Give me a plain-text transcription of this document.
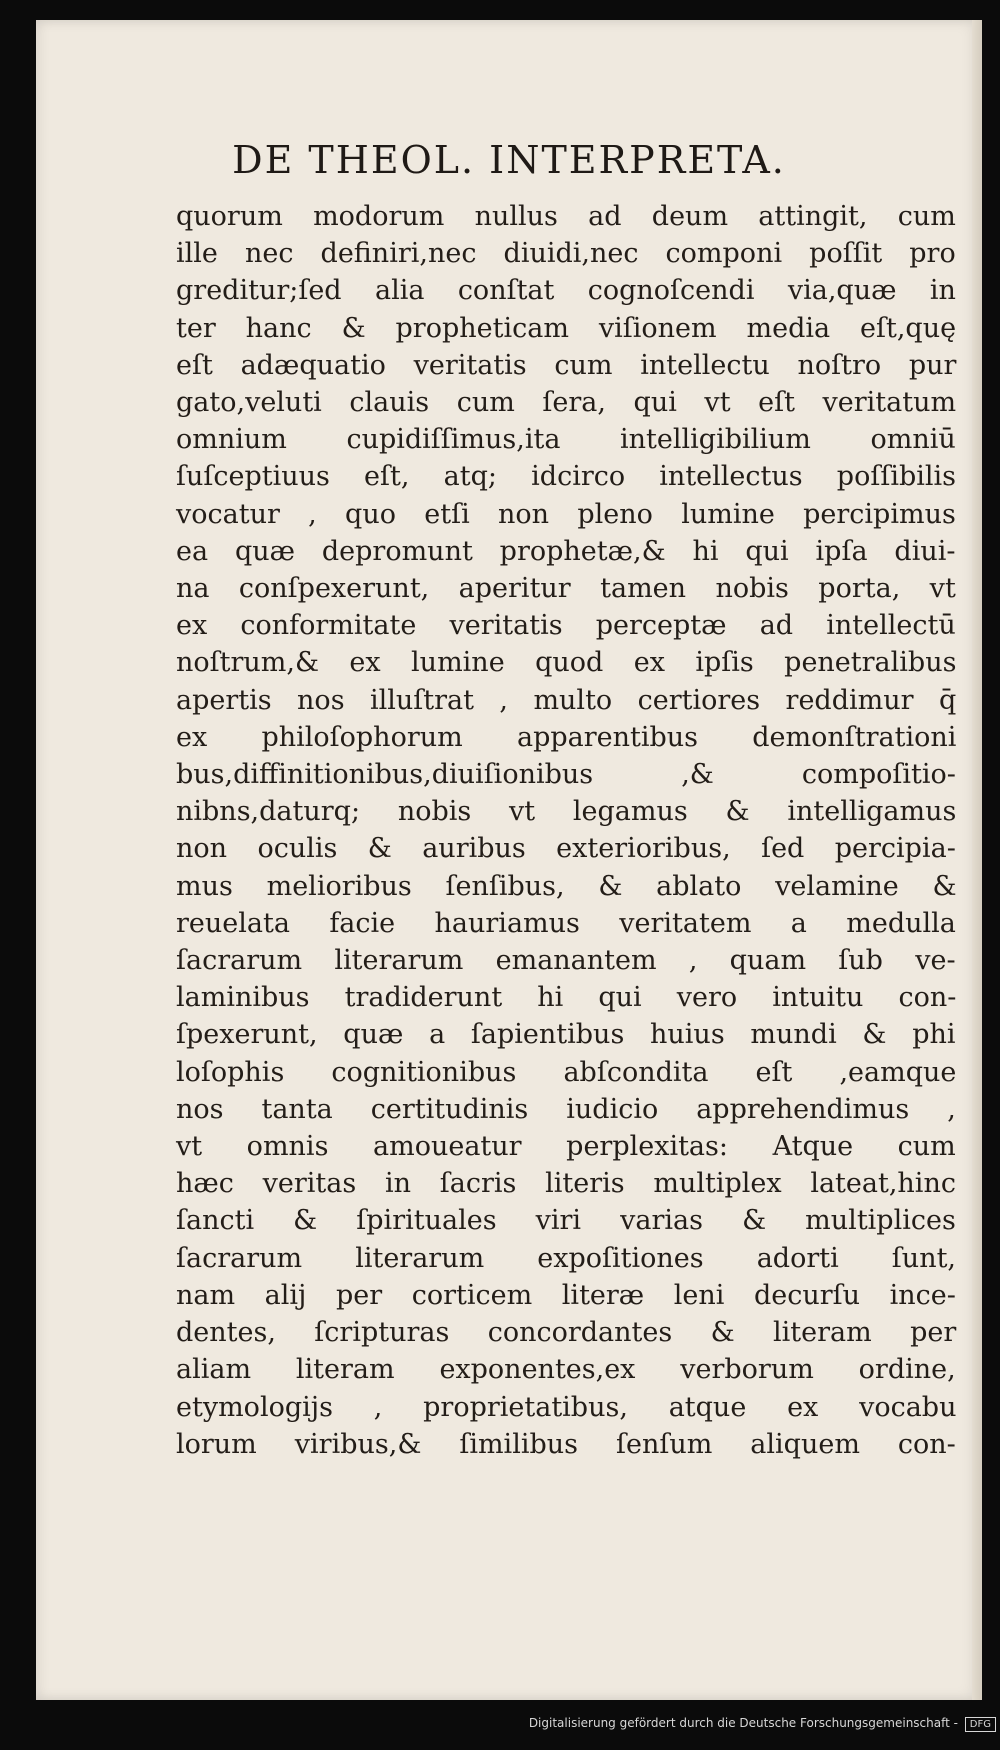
DE THEOL. INTERPRETA.
quorum modorum nullus ad deum attingit, cum
ille nec definiri,nec diuidi,nec componi poſſit pro
greditur;ſed alia conſtat cognoſcendi via,quæ in
ter hanc & propheticam viſionem media eſt,quę
eſt adæquatio veritatis cum intellectu noſtro pur
gato,veluti clauis cum ſera, qui vt eſt veritatum
omnium cupidiſſimus,ita intelligibilium omniū
ſuſceptiuus eſt, atq; idcirco intellectus poſſibilis
vocatur , quo etſi non pleno lumine percipimus
ea quæ depromunt prophetæ,& hi qui ipſa diui-
na conſpexerunt, aperitur tamen nobis porta, vt
ex conformitate veritatis perceptæ ad intellectū
noſtrum,& ex lumine quod ex ipſis penetralibus
apertis nos illuſtrat , multo certiores reddimur q̄
ex philoſophorum apparentibus demonſtrationi
bus,diffinitionibus,diuiſionibus ,& compoſitio-
nibns,daturq; nobis vt legamus & intelligamus
non oculis & auribus exterioribus, ſed percipia-
mus melioribus ſenſibus, & ablato velamine &
reuelata facie hauriamus veritatem a medulla
ſacrarum literarum emanantem , quam ſub ve-
laminibus tradiderunt hi qui vero intuitu con-
ſpexerunt, quæ a ſapientibus huius mundi & phi
loſophis cognitionibus abſcondita eſt ,eamque
nos tanta certitudinis iudicio apprehendimus ,
vt omnis amoueatur perplexitas: Atque cum
hæc veritas in ſacris literis multiplex lateat,hinc
ſancti & ſpirituales viri varias & multiplices
ſacrarum literarum expoſitiones adorti ſunt,
nam alij per corticem literæ leni decurſu ince-
dentes, ſcripturas concordantes & literam per
aliam literam exponentes,ex verborum ordine,
etymologijs , proprietatibus, atque ex vocabu
lorum viribus,& ſimilibus ſenſum aliquem con-
Digitalisierung gefördert durch die Deutsche Forschungsgemeinschaft - DFG
